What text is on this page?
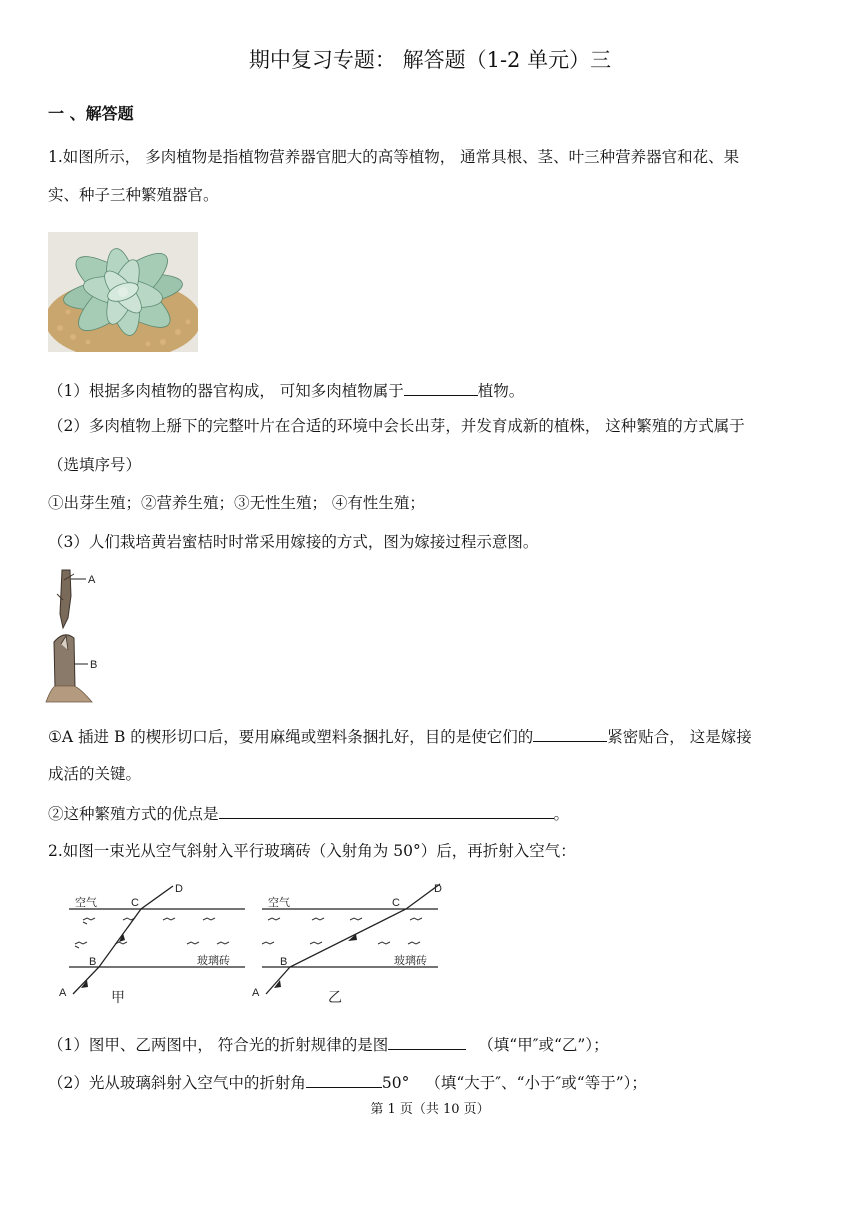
期中复习专题： 解答题（1-2 单元）三
一 、解答题
1.如图所示， 多肉植物是指植物营养器官肥大的高等植物， 通常具根、茎、叶三种营养器官和花、果
实、种子三种繁殖器官。
（1）根据多肉植物的器官构成， 可知多肉植物属于	植物。
（2）多肉植物上掰下的完整叶片在合适的环境中会长出芽，并发育成新的植株， 这种繁殖的方式属于
（选填序号）
①出芽生殖；②营养生殖；③无性生殖； ④有性生殖；
（3）人们栽培黄岩蜜桔时时常采用嫁接的方式，图为嫁接过程示意图。
A
B
①A 插进 B 的楔形切口后，要用麻绳或塑料条捆扎好，目的是使它们的	紧密贴合， 这是嫁接
成活的关键。
②这种繁殖方式的优点是	。
2.如图一束光从空气斜射入平行玻璃砖（入射角为 50°）后，再折射入空气：
空气
玻璃砖
A
B
C
D
甲
空气
玻璃砖
A
B
C
D
乙
（1）图甲、乙两图中， 符合光的折射规律的是图	（填“甲″或“乙”）；
（2）光从玻璃斜射入空气中的折射角	50° （填“大于″、“小于″或“等于”）；
第 1 页（共 10 页）
